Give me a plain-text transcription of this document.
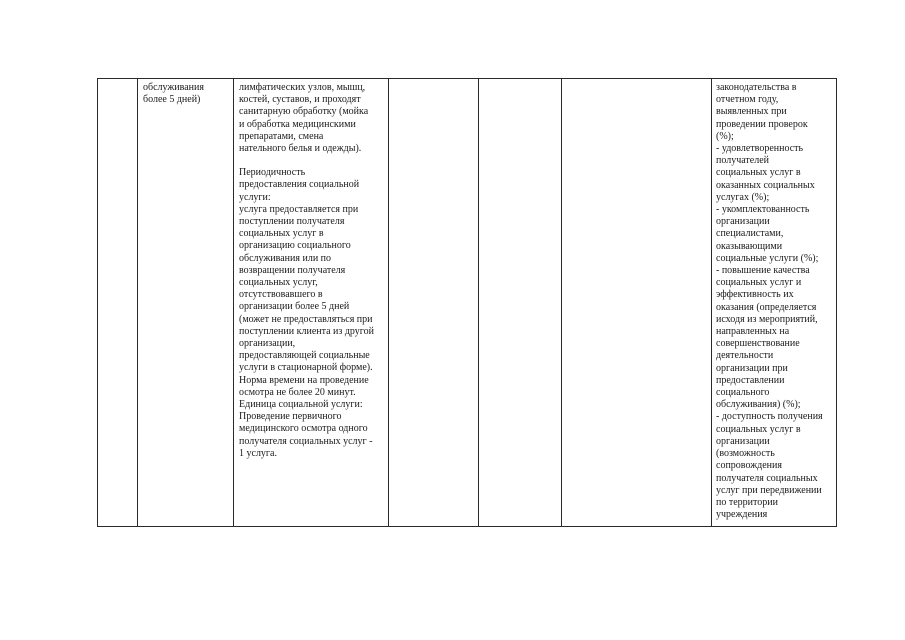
обслуживания
более 5 дней)

лимфатических узлов, мышц,
костей, суставов, и проходят
санитарную обработку (мойка
и обработка медицинскими
препаратами, смена
нательного белья и одежды).

Периодичность
предоставления социальной
услуги:
услуга предоставляется при
поступлении получателя
социальных услуг в
организацию социального
обслуживания или по
возвращении получателя
социальных услуг,
отсутствовавшего в
организации более 5 дней
(может не предоставляться при
поступлении клиента из другой
организации,
предоставляющей социальные
услуги в стационарной форме).
Норма времени на проведение
осмотра не более 20 минут.
Единица социальной услуги:
Проведение первичного
медицинского осмотра одного
получателя социальных услуг -
1 услуга.

законодательства в
отчетном году,
выявленных при
проведении проверок
(%);
- удовлетворенность
получателей
социальных услуг в
оказанных социальных
услугах (%);
- укомплектованность
организации
специалистами,
оказывающими
социальные услуги (%);
- повышение качества
социальных услуг и
эффективность их
оказания (определяется
исходя из мероприятий,
направленных на
совершенствование
деятельности
организации при
предоставлении
социального
обслуживания) (%);
- доступность получения
социальных услуг в
организации
(возможность
сопровождения
получателя социальных
услуг при передвижении
по территории
учреждения
